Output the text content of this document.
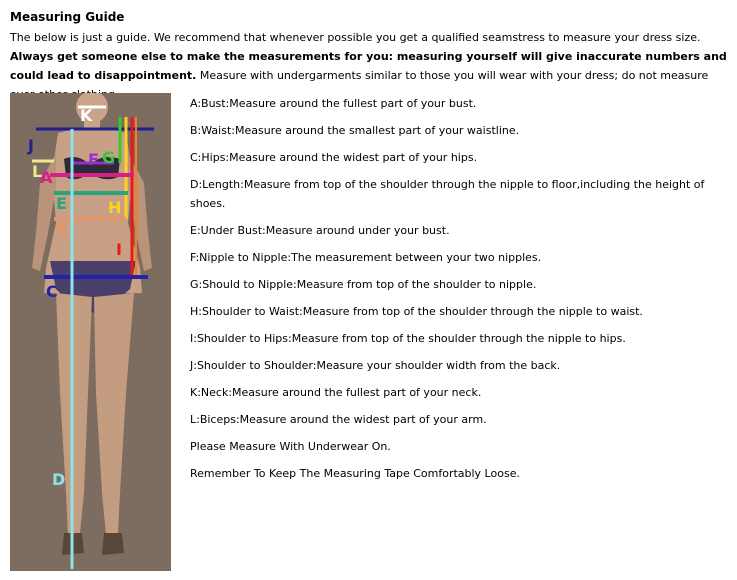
Measuring Guide
The below is just a guide. We recommend that whenever possible you get a qualified seamstress to measure your dress size.
Always get someone else to make the measurements for you: measuring yourself will give inaccurate numbers and could lead to disappointment. Measure with undergarments similar to those you will wear with your dress; do not measure
K
J
F G
L
A
E	H
B
I
C
D
A:Bust:Measure around the fullest part of your bust.
B:Waist:Measure around the smallest part of your waistline.
C:Hips:Measure around the widest part of your hips.
D:Length:Measure from top of the shoulder through the nipple to floor,including the height of shoes.
E:Under Bust:Measure around under your bust.
F:Nipple to Nipple:The measurement between your two nipples.
G:Should to Nipple:Measure from top of the shoulder to nipple.
H:Shoulder to Waist:Measure from top of the shoulder through the nipple to waist.
I:Shoulder to Hips:Measure from top of the shoulder through the nipple to hips.
J:Shoulder to Shoulder:Measure your shoulder width from the back.
K:Neck:Measure around the fullest part of your neck.
L:Biceps:Measure around the widest part of your arm.
Please Measure With Underwear On.
Remember To Keep The Measuring Tape Comfortably Loose.
